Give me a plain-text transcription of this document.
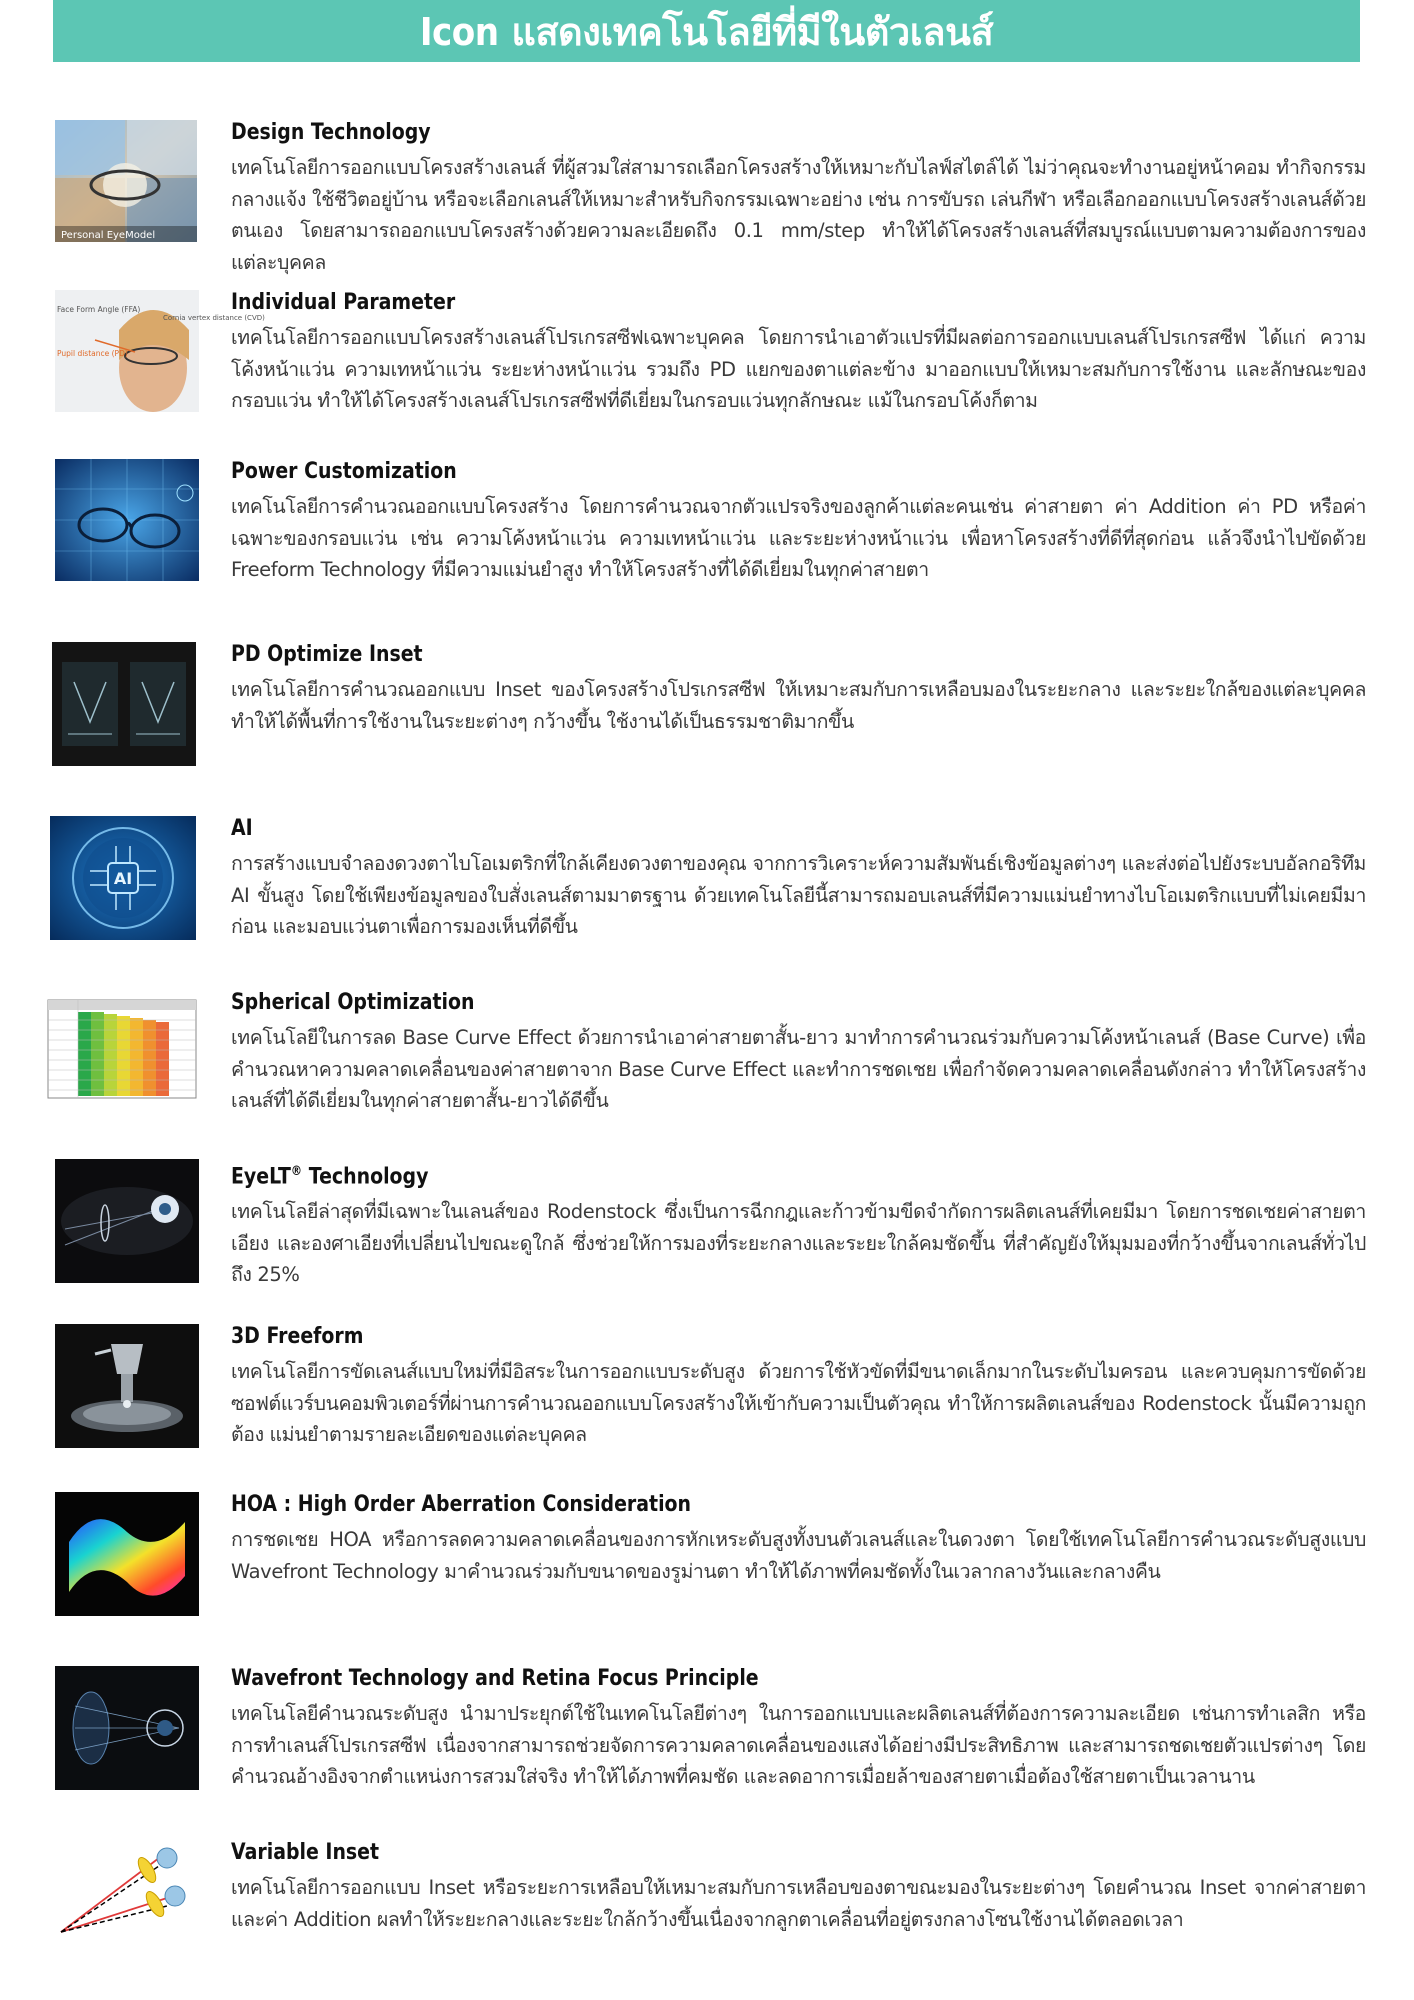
Icon แสดงเทคโนโลยีที่มีในตัวเลนส์
Personal EyeModel
Design Technology

เทคโนโลยีการออกแบบโครงสร้างเลนส์ ที่ผู้สวมใส่สามารถเลือกโครงสร้างให้เหมาะกับไลฟ์สไตล์ได้ ไม่ว่าคุณจะทำงานอยู่หน้าคอม ทำกิจกรรมกลางแจ้ง ใช้ชีวิตอยู่บ้าน หรือจะเลือกเลนส์ให้เหมาะสำหรับกิจกรรมเฉพาะอย่าง เช่น การขับรถ เล่นกีฬา หรือเลือกออกแบบโครงสร้างเลนส์ด้วยตนเอง โดยสามารถออกแบบโครงสร้างด้วยความละเอียดถึง 0.1 mm/step ทำให้ได้โครงสร้างเลนส์ที่สมบูรณ์แบบตามความต้องการของแต่ละบุคคล

Face Form Angle (FFA)
Cornia vertex distance (CVD)
Pupil distance (PD)
Individual Parameter

เทคโนโลยีการออกแบบโครงสร้างเลนส์โปรเกรสซีฟเฉพาะบุคคล โดยการนำเอาตัวแปรที่มีผลต่อการออกแบบเลนส์โปรเกรสซีฟ ได้แก่ ความโค้งหน้าแว่น ความเทหน้าแว่น ระยะห่างหน้าแว่น รวมถึง PD แยกของตาแต่ละข้าง มาออกแบบให้เหมาะสมกับการใช้งาน และลักษณะของกรอบแว่น ทำให้ได้โครงสร้างเลนส์โปรเกรสซีฟที่ดีเยี่ยมในกรอบแว่นทุกลักษณะ แม้ในกรอบโค้งก็ตาม

Power Customization

เทคโนโลยีการคำนวณออกแบบโครงสร้าง โดยการคำนวณจากตัวแปรจริงของลูกค้าแต่ละคนเช่น ค่าสายตา ค่า Addition ค่า PD หรือค่าเฉพาะของกรอบแว่น เช่น ความโค้งหน้าแว่น ความเทหน้าแว่น และระยะห่างหน้าแว่น เพื่อหาโครงสร้างที่ดีที่สุดก่อน แล้วจึงนำไปขัดด้วย Freeform Technology ที่มีความแม่นยำสูง ทำให้โครงสร้างที่ได้ดีเยี่ยมในทุกค่าสายตา

PD Optimize Inset

เทคโนโลยีการคำนวณออกแบบ Inset ของโครงสร้างโปรเกรสซีฟ ให้เหมาะสมกับการเหลือบมองในระยะกลาง และระยะใกล้ของแต่ละบุคคล ทำให้ได้พื้นที่การใช้งานในระยะต่างๆ กว้างขึ้น ใช้งานได้เป็นธรรมชาติมากขึ้น

AI
AI

การสร้างแบบจำลองดวงตาไบโอเมตริกที่ใกล้เคียงดวงตาของคุณ จากการวิเคราะห์ความสัมพันธ์เชิงข้อมูลต่างๆ และส่งต่อไปยังระบบอัลกอริทึม AI ขั้นสูง โดยใช้เพียงข้อมูลของใบสั่งเลนส์ตามมาตรฐาน ด้วยเทคโนโลยีนี้สามารถมอบเลนส์ที่มีความแม่นยำทางไบโอเมตริกแบบที่ไม่เคยมีมาก่อน และมอบแว่นตาเพื่อการมองเห็นที่ดีขึ้น

Spherical Optimization

เทคโนโลยีในการลด Base Curve Effect ด้วยการนำเอาค่าสายตาสั้น-ยาว มาทำการคำนวณร่วมกับความโค้งหน้าเลนส์ (Base Curve) เพื่อคำนวณหาความคลาดเคลื่อนของค่าสายตาจาก Base Curve Effect และทำการชดเชย เพื่อกำจัดความคลาดเคลื่อนดังกล่าว ทำให้โครงสร้างเลนส์ที่ได้ดีเยี่ยมในทุกค่าสายตาสั้น-ยาวได้ดีขึ้น

EyeLT® Technology

เทคโนโลยีล่าสุดที่มีเฉพาะในเลนส์ของ Rodenstock ซึ่งเป็นการฉีกกฎและก้าวข้ามขีดจำกัดการผลิตเลนส์ที่เคยมีมา โดยการชดเชยค่าสายตาเอียง และองศาเอียงที่เปลี่ยนไปขณะดูใกล้ ซึ่งช่วยให้การมองที่ระยะกลางและระยะใกล้คมชัดขึ้น ที่สำคัญยังให้มุมมองที่กว้างขึ้นจากเลนส์ทั่วไปถึง 25%

3D Freeform

เทคโนโลยีการขัดเลนส์แบบใหม่ที่มีอิสระในการออกแบบระดับสูง ด้วยการใช้หัวขัดที่มีขนาดเล็กมากในระดับไมครอน และควบคุมการขัดด้วยซอฟต์แวร์บนคอมพิวเตอร์ที่ผ่านการคำนวณออกแบบโครงสร้างให้เข้ากับความเป็นตัวคุณ ทำให้การผลิตเลนส์ของ Rodenstock นั้นมีความถูกต้อง แม่นยำตามรายละเอียดของแต่ละบุคคล

HOA : High Order Aberration Consideration

การชดเชย HOA หรือการลดความคลาดเคลื่อนของการหักเหระดับสูงทั้งบนตัวเลนส์และในดวงตา โดยใช้เทคโนโลยีการคำนวณระดับสูงแบบ Wavefront Technology มาคำนวณร่วมกับขนาดของรูม่านตา ทำให้ได้ภาพที่คมชัดทั้งในเวลากลางวันและกลางคืน

Wavefront Technology and Retina Focus Principle

เทคโนโลยีคำนวณระดับสูง นำมาประยุกต์ใช้ในเทคโนโลยีต่างๆ ในการออกแบบและผลิตเลนส์ที่ต้องการความละเอียด เช่นการทำเลสิก หรือการทำเลนส์โปรเกรสซีฟ เนื่องจากสามารถช่วยจัดการความคลาดเคลื่อนของแสงได้อย่างมีประสิทธิภาพ และสามารถชดเชยตัวแปรต่างๆ โดยคำนวณอ้างอิงจากตำแหน่งการสวมใส่จริง ทำให้ได้ภาพที่คมชัด และลดอาการเมื่อยล้าของสายตาเมื่อต้องใช้สายตาเป็นเวลานาน

Variable Inset

เทคโนโลยีการออกแบบ Inset หรือระยะการเหลือบให้เหมาะสมกับการเหลือบของตาขณะมองในระยะต่างๆ โดยคำนวณ Inset จากค่าสายตาและค่า Addition ผลทำให้ระยะกลางและระยะใกล้กว้างขึ้นเนื่องจากลูกตาเคลื่อนที่อยู่ตรงกลางโซนใช้งานได้ตลอดเวลา
